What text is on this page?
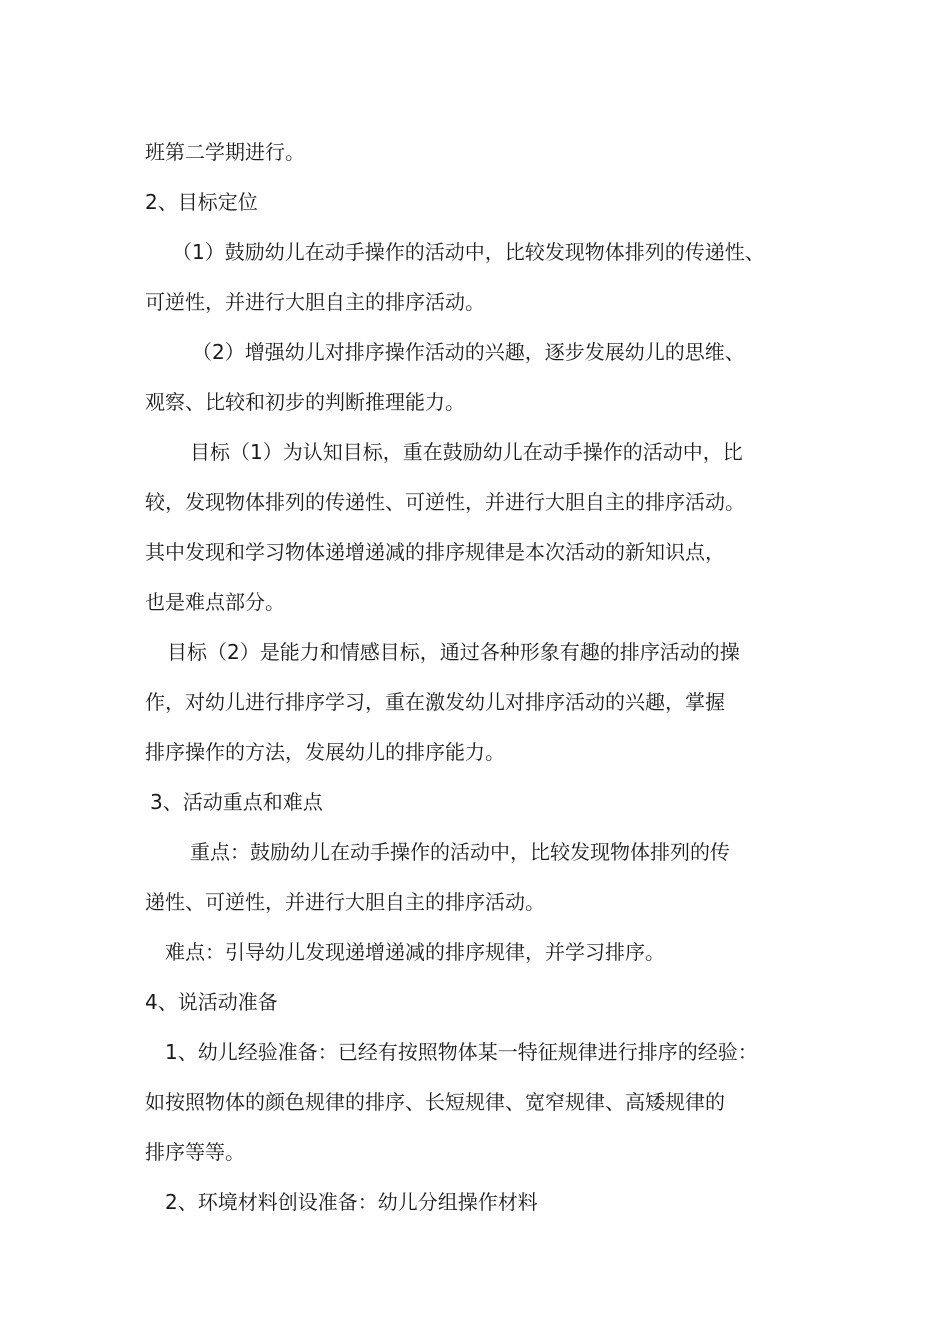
班第二学期进行。

2、目标定位

（1）鼓励幼儿在动手操作的活动中，比较发现物体排列的传递性、

可逆性，并进行大胆自主的排序活动。

（2）增强幼儿对排序操作活动的兴趣，逐步发展幼儿的思维、

观察、比较和初步的判断推理能力。

目标（1）为认知目标，重在鼓励幼儿在动手操作的活动中，比

较，发现物体排列的传递性、可逆性，并进行大胆自主的排序活动。

其中发现和学习物体递增递减的排序规律是本次活动的新知识点，

也是难点部分。

目标（2）是能力和情感目标，通过各种形象有趣的排序活动的操

作，对幼儿进行排序学习，重在激发幼儿对排序活动的兴趣，掌握

排序操作的方法，发展幼儿的排序能力。

3、活动重点和难点

重点：鼓励幼儿在动手操作的活动中，比较发现物体排列的传

递性、可逆性，并进行大胆自主的排序活动。

难点：引导幼儿发现递增递减的排序规律，并学习排序。

4、说活动准备

1、幼儿经验准备：已经有按照物体某一特征规律进行排序的经验：

如按照物体的颜色规律的排序、长短规律、宽窄规律、高矮规律的

排序等等。

2、环境材料创设准备：幼儿分组操作材料
